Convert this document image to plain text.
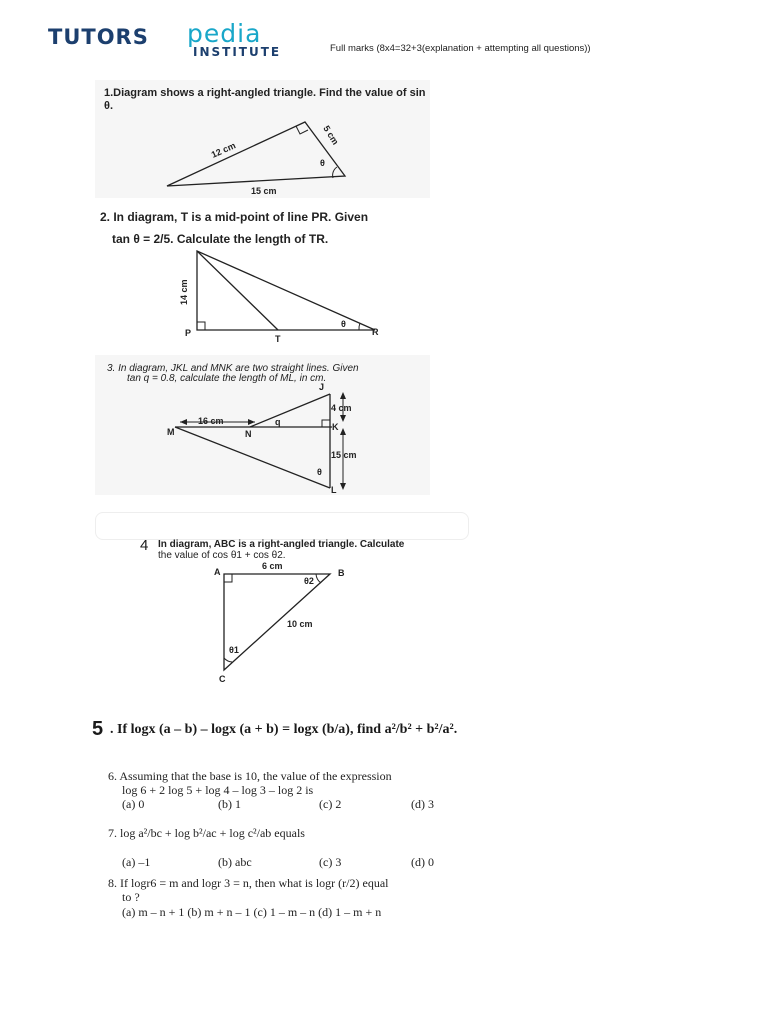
TUTORS pedia
INSTITUTE	Full marks (8x4=32+3(explanation + attempting all questions))
1.Diagram shows a right-angled triangle. Find the value of sin θ.
12 cm
5 cm
15 cm
θ
2. In diagram, T is a mid-point of line PR. Given
tan θ = 2/5. Calculate the length of TR.
14 cm
P
T
R
θ
3. In diagram, JKL and MNK are two straight lines. Given
tan q = 0.8, calculate the length of ML, in cm.
J
K
L
M	N
q
16 cm
4 cm
15 cm
θ
4 In diagram, ABC is a right-angled triangle. Calculate
the value of cos θ1 + cos θ2.
A	B
C
6 cm
10 cm
θ1
θ2
5 . If logx (a – b) – logx (a + b) = logx (b/a), find a²/b² + b²/a².
6. Assuming that the base is 10, the value of the expression
log 6 + 2 log 5 + log 4 – log 3 – log 2 is
(a) 0	(b) 1	(c) 2	(d) 3
7. log a²/bc + log b²/ac + log c²/ab equals
(a) –1	(b) abc	(c) 3	(d) 0
8. If logr6 = m and logr 3 = n, then what is logr (r/2) equal
to ?
(a) m – n + 1 (b) m + n – 1 (c) 1 – m – n (d) 1 – m + n
